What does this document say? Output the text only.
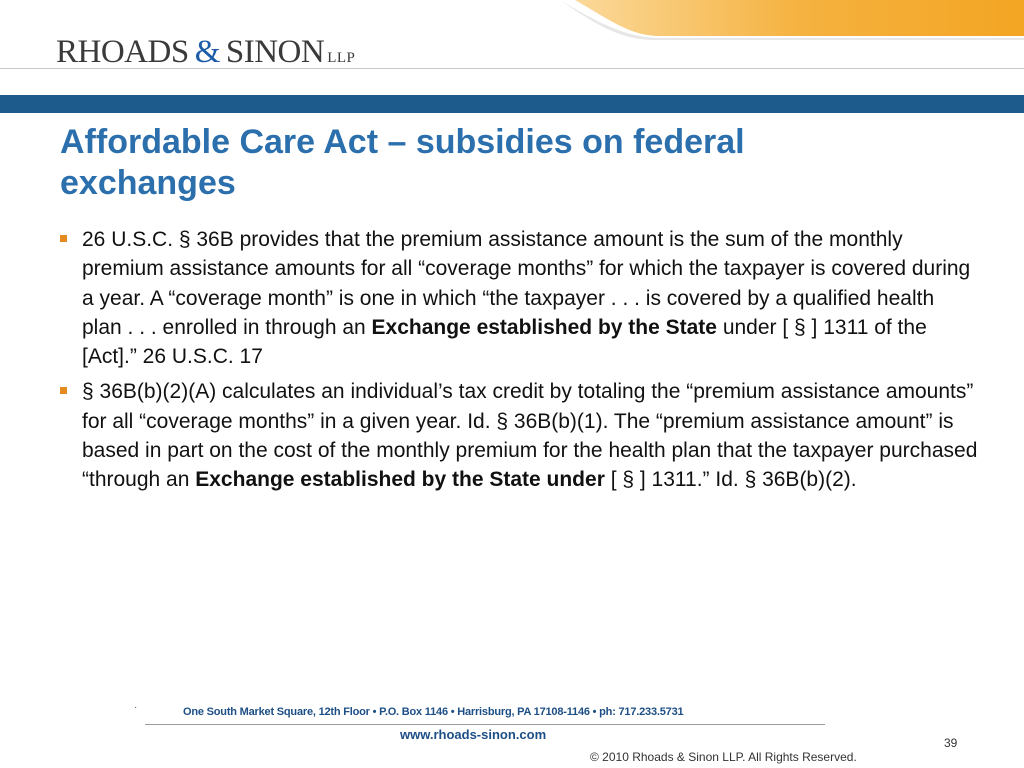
RHOADS & SINON LLP
Affordable Care Act – subsidies on federal exchanges
26 U.S.C. § 36B provides that the premium assistance amount is the sum of the monthly premium assistance amounts for all “coverage months” for which the taxpayer is covered during a year. A “coverage month” is one in which “the taxpayer . . . is covered by a qualified health plan . . . enrolled in through an Exchange established by the State under [ § ] 1311 of the [Act].” 26 U.S.C. 17
§ 36B(b)(2)(A) calculates an individual’s tax credit by totaling the “premium assistance amounts” for all “coverage months” in a given year. Id. § 36B(b)(1). The “premium assistance amount” is based in part on the cost of the monthly premium for the health plan that the taxpayer purchased “through an Exchange established by the State under [ § ] 1311.” Id. § 36B(b)(2).
·	One South Market Square, 12th Floor • P.O. Box 1146 • Harrisburg, PA 17108-1146 • ph: 717.233.5731
www.rhoads-sinon.com
39
© 2010 Rhoads & Sinon LLP. All Rights Reserved.
